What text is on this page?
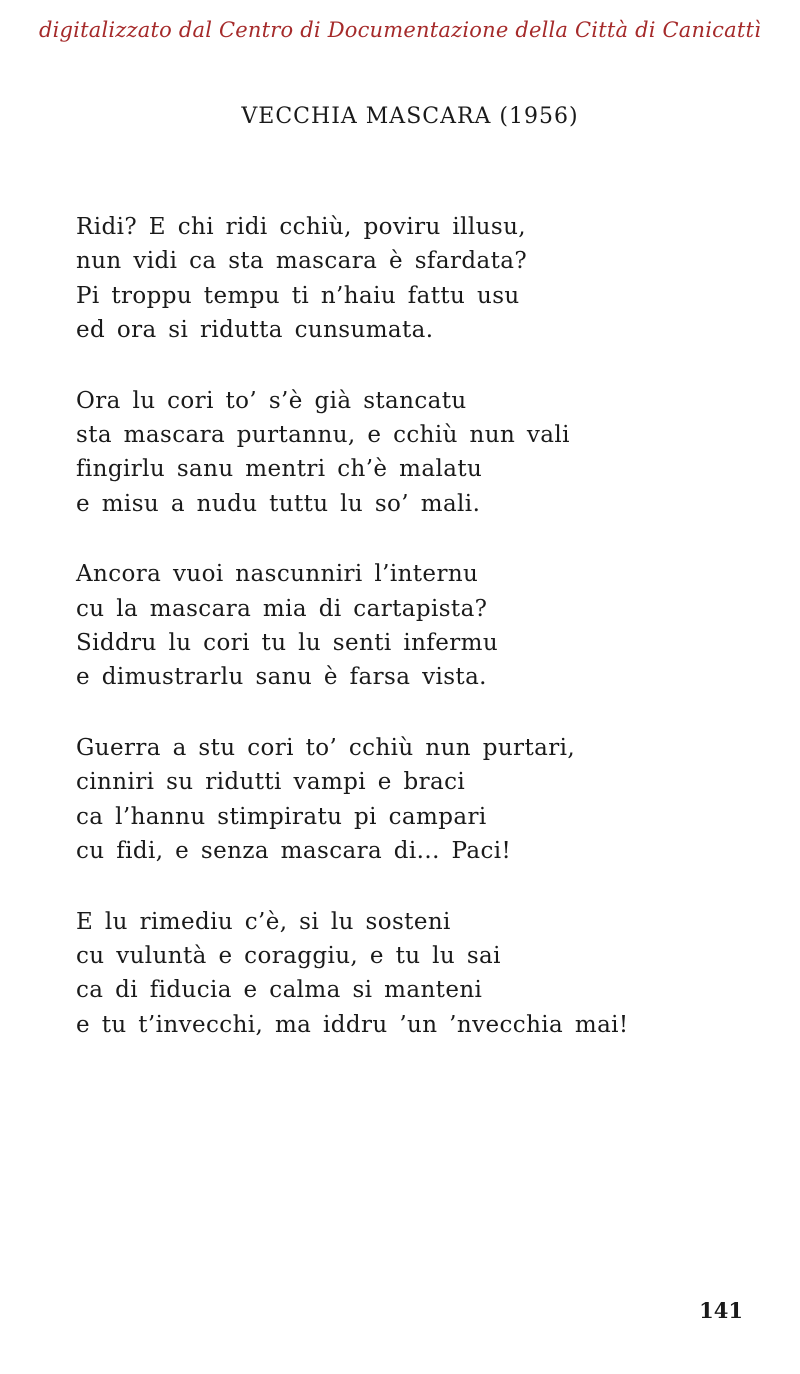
digitalizzato dal Centro di Documentazione della Città di Canicattì
VECCHIA MASCARA (1956)
Ridi? E chi ridi cchiù, poviru illusu,
nun vidi ca sta mascara è sfardata?
Pi troppu tempu ti n’haiu fattu usu
ed ora si ridutta cunsumata.
Ora lu cori to’ s’è già stancatu
sta mascara purtannu, e cchiù nun vali
fingirlu sanu mentri ch’è malatu
e misu a nudu tuttu lu so’ mali.
Ancora vuoi nascunniri l’internu
cu la mascara mia di cartapista?
Siddru lu cori tu lu senti infermu
e dimustrarlu sanu è farsa vista.
Guerra a stu cori to’ cchiù nun purtari,
cinniri su ridutti vampi e braci
ca l’hannu stimpiratu pi campari
cu fidi, e senza mascara di... Paci!
E lu rimediu c’è, si lu sosteni
cu vuluntà e coraggiu, e tu lu sai
ca di fiducia e calma si manteni
e tu t’invecchi, ma iddru ’un ’nvecchia mai!
141
